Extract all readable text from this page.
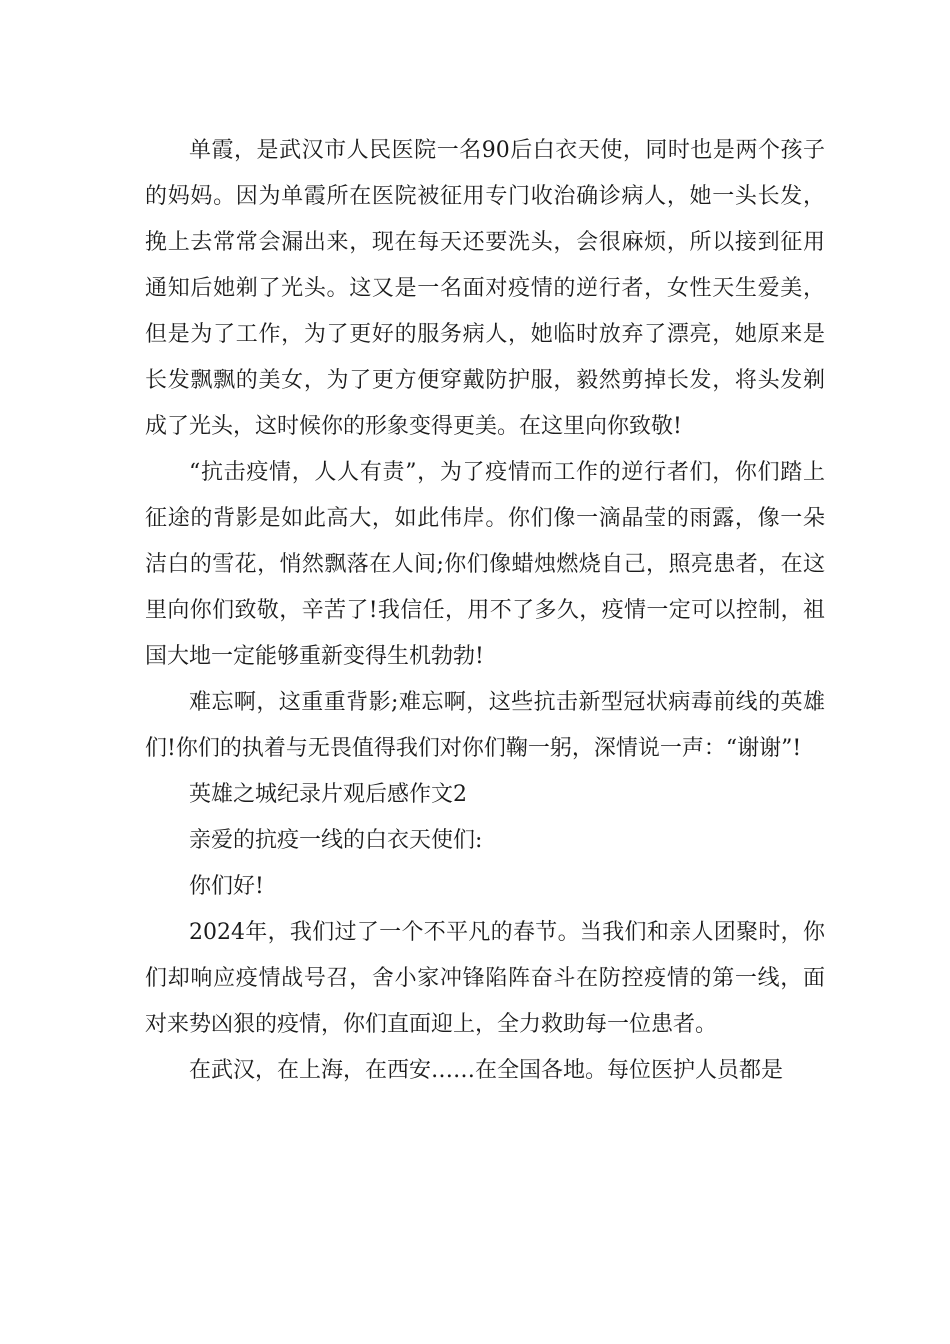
单霞，是武汉市人民医院一名90后白衣天使，同时也是两个孩子的妈妈。因为单霞所在医院被征用专门收治确诊病人，她一头长发，挽上去常常会漏出来，现在每天还要洗头，会很麻烦，所以接到征用通知后她剃了光头。这又是一名面对疫情的逆行者，女性天生爱美，但是为了工作，为了更好的服务病人，她临时放弃了漂亮，她原来是长发飘飘的美女，为了更方便穿戴防护服，毅然剪掉长发，将头发剃成了光头，这时候你的形象变得更美。在这里向你致敬!

“抗击疫情，人人有责”，为了疫情而工作的逆行者们，你们踏上征途的背影是如此高大，如此伟岸。你们像一滴晶莹的雨露，像一朵洁白的雪花，悄然飘落在人间;你们像蜡烛燃烧自己，照亮患者，在这里向你们致敬，辛苦了!我信任，用不了多久，疫情一定可以控制，祖国大地一定能够重新变得生机勃勃!

难忘啊，这重重背影;难忘啊，这些抗击新型冠状病毒前线的英雄们!你们的执着与无畏值得我们对你们鞠一躬，深情说一声：“谢谢”!

英雄之城纪录片观后感作文2

亲爱的抗疫一线的白衣天使们:

你们好!

2024年，我们过了一个不平凡的春节。当我们和亲人团聚时，你们却响应疫情战号召，舍小家冲锋陷阵奋斗在防控疫情的第一线，面对来势凶狠的疫情，你们直面迎上，全力救助每一位患者。

在武汉，在上海，在西安……在全国各地。每位医护人员都是
